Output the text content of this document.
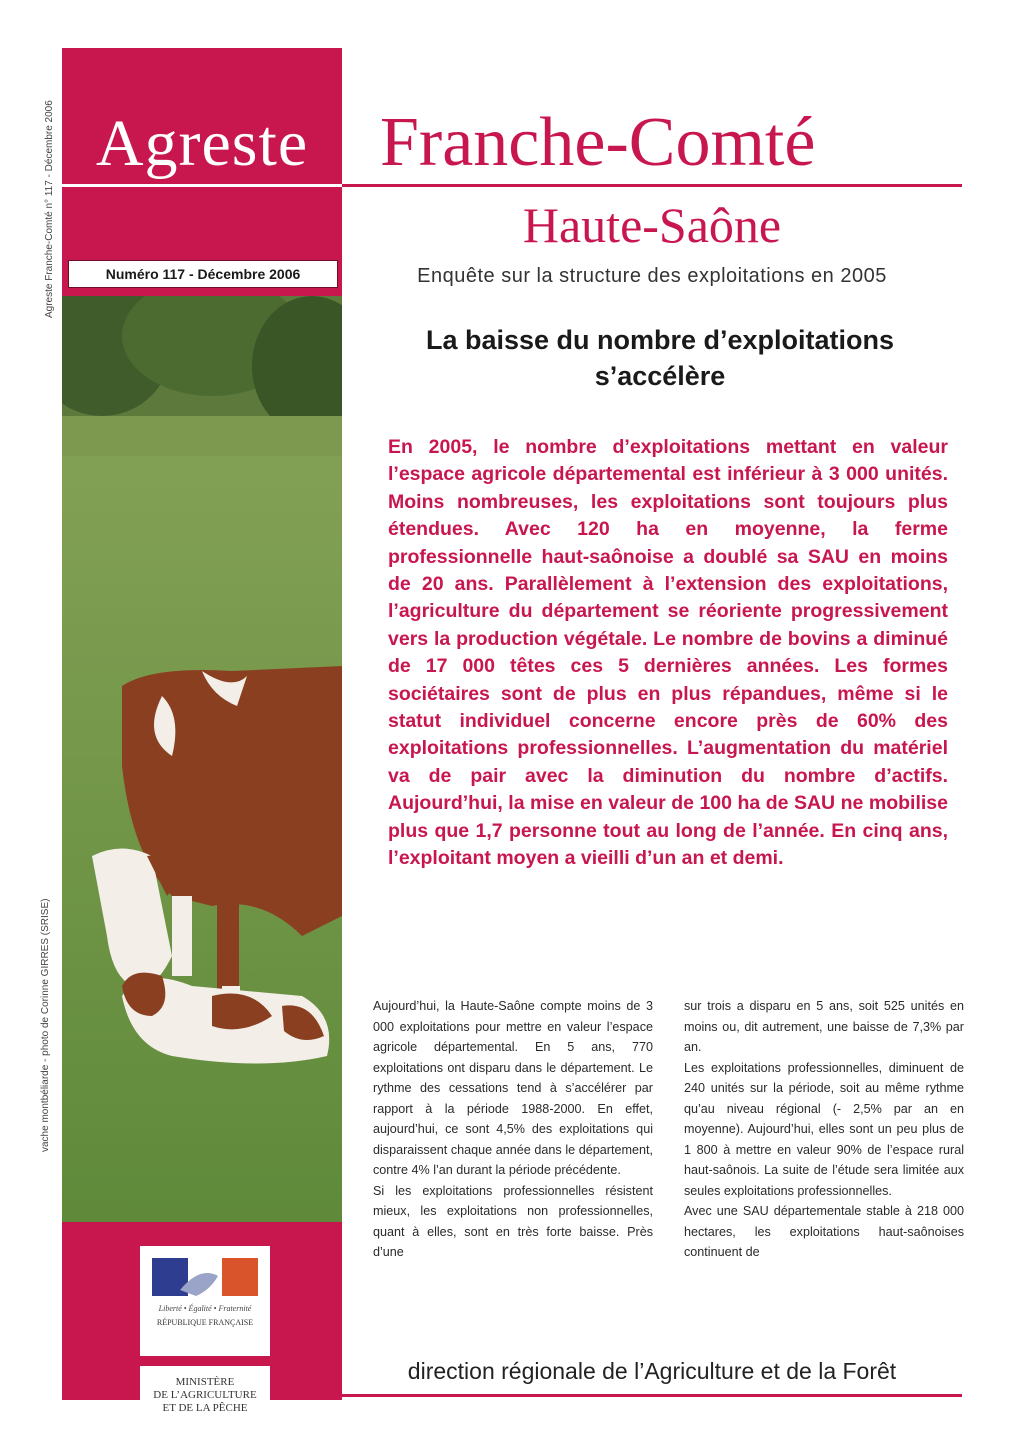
Agreste Franche-Comté n° 117 - Décembre 2006
vache montbéliarde - photo de Corinne GIRRES (SRISE)
Agreste
Numéro 117 - Décembre 2006
Liberté • Égalité • Fraternité
RÉPUBLIQUE FRANÇAISE
MINISTÈRE
DE L’AGRICULTURE
ET DE LA PÊCHE
Franche-Comté
Haute-Saône
Enquête sur la structure des exploitations en 2005
La baisse du nombre d’exploitations s’accélère
En 2005, le nombre d’exploitations mettant en valeur l’espace agricole départemental est inférieur à 3 000 unités. Moins nombreuses, les exploitations sont toujours plus étendues. Avec 120 ha en moyenne, la ferme professionnelle haut-saônoise a doublé sa SAU en moins de 20 ans. Parallèlement à l’extension des exploitations, l’agriculture du département se réoriente progressivement vers la production végétale. Le nombre de bovins a diminué de 17 000 têtes ces 5 dernières années. Les formes sociétaires sont de plus en plus répandues, même si le statut individuel concerne encore près de 60% des exploitations professionnelles. L’augmentation du matériel va de pair avec la diminution du nombre d’actifs. Aujourd’hui, la mise en valeur de 100 ha de SAU ne mobilise plus que 1,7 personne tout au long de l’année. En cinq ans, l’exploitant moyen a vieilli d’un an et demi.

Aujourd’hui, la Haute-Saône compte moins de 3 000 exploitations pour mettre en valeur l’espace agricole départemental. En 5 ans, 770 exploitations ont disparu dans le département. Le rythme des cessations tend à s’accélérer par rapport à la période 1988-2000. En effet, aujourd’hui, ce sont 4,5% des exploitations qui disparaissent chaque année dans le département, contre 4% l’an durant la période précédente.

Si les exploitations professionnelles résistent mieux, les exploitations non professionnelles, quant à elles, sont en très forte baisse. Près d’une

sur trois a disparu en 5 ans, soit 525 unités en moins ou, dit autrement, une baisse de 7,3% par an.

Les exploitations professionnelles, diminuent de 240 unités sur la période, soit au même rythme qu’au niveau régional (- 2,5% par an en moyenne). Aujourd’hui, elles sont un peu plus de 1 800 à mettre en valeur 90% de l’espace rural haut-saônois. La suite de l’étude sera limitée aux seules exploitations professionnelles.

Avec une SAU départementale stable à 218 000 hectares, les exploitations haut-saônoises continuent de

direction régionale de l’Agriculture et de la Forêt
